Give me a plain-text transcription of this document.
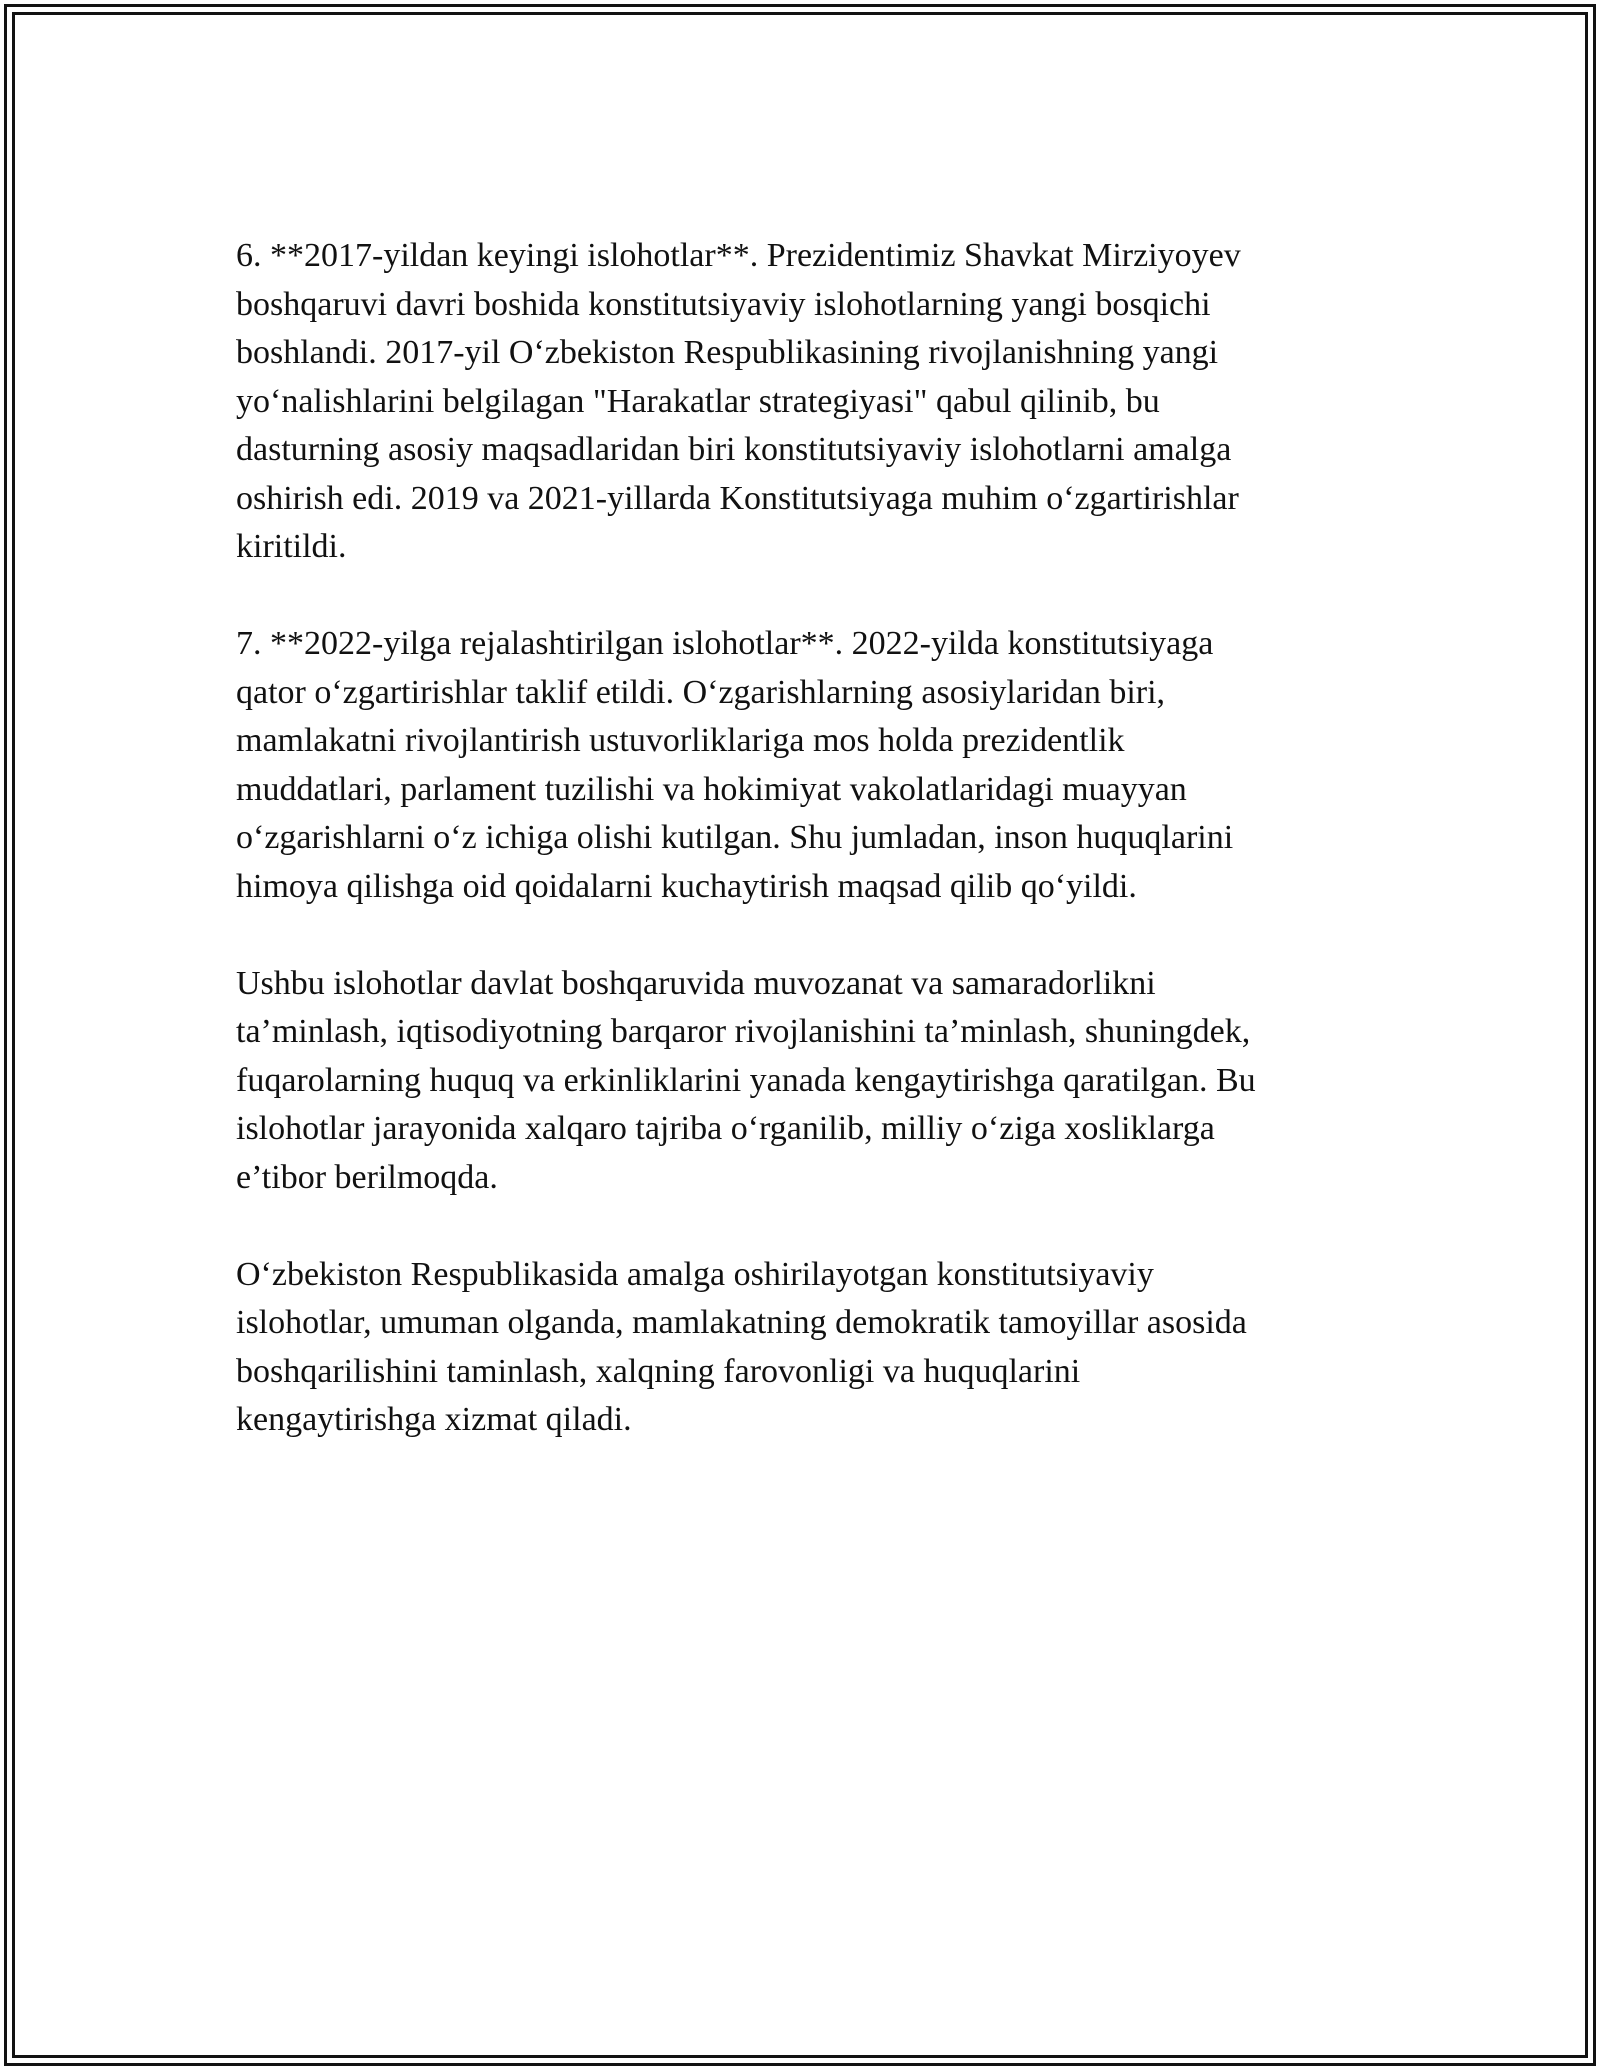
6. **2017-yildan keyingi islohotlar**. Prezidentimiz Shavkat Mirziyoyev
boshqaruvi davri boshida konstitutsiyaviy islohotlarning yangi bosqichi
boshlandi. 2017-yil O‘zbekiston Respublikasining rivojlanishning yangi
yo‘nalishlarini belgilagan "Harakatlar strategiyasi" qabul qilinib, bu
dasturning asosiy maqsadlaridan biri konstitutsiyaviy islohotlarni amalga
oshirish edi. 2019 va 2021-yillarda Konstitutsiyaga muhim o‘zgartirishlar
kiritildi.

7. **2022-yilga rejalashtirilgan islohotlar**. 2022-yilda konstitutsiyaga
qator o‘zgartirishlar taklif etildi. O‘zgarishlarning asosiylaridan biri,
mamlakatni rivojlantirish ustuvorliklariga mos holda prezidentlik
muddatlari, parlament tuzilishi va hokimiyat vakolatlaridagi muayyan
o‘zgarishlarni o‘z ichiga olishi kutilgan. Shu jumladan, inson huquqlarini
himoya qilishga oid qoidalarni kuchaytirish maqsad qilib qo‘yildi.

Ushbu islohotlar davlat boshqaruvida muvozanat va samaradorlikni
ta’minlash, iqtisodiyotning barqaror rivojlanishini ta’minlash, shuningdek,
fuqarolarning huquq va erkinliklarini yanada kengaytirishga qaratilgan. Bu
islohotlar jarayonida xalqaro tajriba o‘rganilib, milliy o‘ziga xosliklarga
e’tibor berilmoqda.

O‘zbekiston Respublikasida amalga oshirilayotgan konstitutsiyaviy
islohotlar, umuman olganda, mamlakatning demokratik tamoyillar asosida
boshqarilishini taminlash, xalqning farovonligi va huquqlarini
kengaytirishga xizmat qiladi.
